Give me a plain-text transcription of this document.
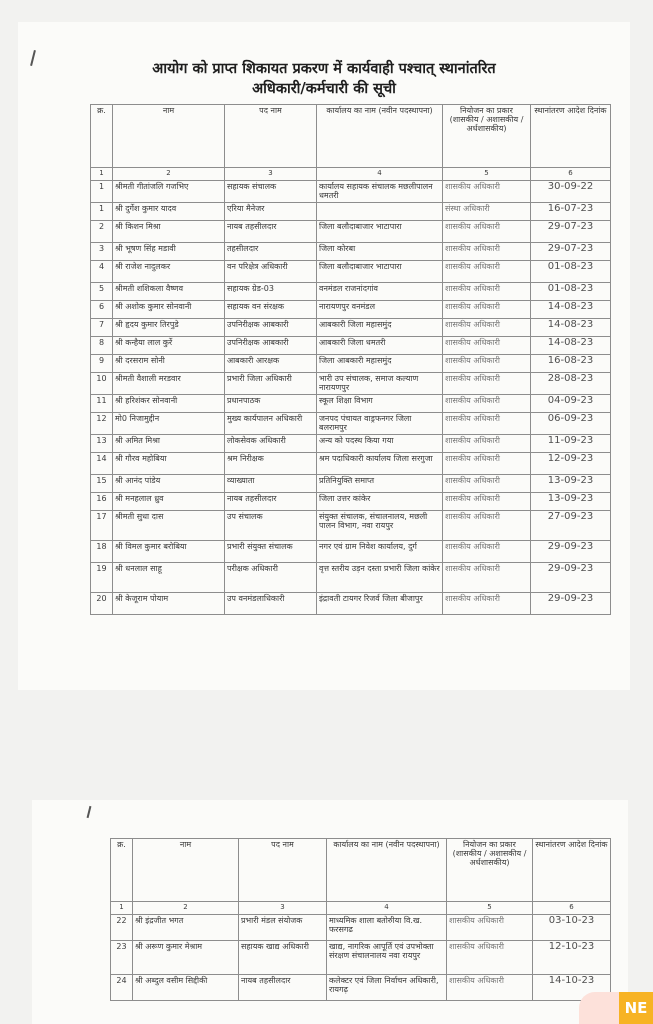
आयोग को प्राप्त शिकायत प्रकरण में कार्यवाही पश्चात् स्थानांतरित
अधिकारी/कर्मचारी की सूची
क्र.	नाम	पद नाम	कार्यालय का नाम (नवीन पदस्थापना)	नियोजन का प्रकार (शासकीय / अशासकीय / अर्धशासकीय)	स्थानांतरण आदेश दिनांक
1	2	3	4	5	6
1	श्रीमती गीतांजलि गजभिए	सहायक संचालक	कार्यालय सहायक संचालक मछलीपालन धमतरी	शासकीय अधिकारी	30-09-22
1	श्री दुर्गेश कुमार यादव	एरिया मैनेजर		संस्था अधिकारी	16-07-23
2	श्री किशन मिश्रा	नायब तहसीलदार	जिला बलौदाबाजार भाटापारा	शासकीय अधिकारी	29-07-23
3	श्री भूषण सिंह मडावी	तहसीलदार	जिला कोरबा	शासकीय अधिकारी	29-07-23
4	श्री राजेश नादुलकर	वन परिक्षेत्र अधिकारी	जिला बलौदाबाजार भाटापारा	शासकीय अधिकारी	01-08-23
5	श्रीमती शशिकला वैष्णव	सहायक ग्रेड-03	वनमंडल राजनांदगांव	शासकीय अधिकारी	01-08-23
6	श्री अशोक कुमार सोनवानी	सहायक वन संरक्षक	नारायणपुर वनमंडल	शासकीय अधिकारी	14-08-23
7	श्री हृदय कुमार तिरपुडे	उपनिरीक्षक आबकारी	आबकारी जिला महासमुंद	शासकीय अधिकारी	14-08-23
8	श्री कन्हैया लाल कुर्रे	उपनिरीक्षक आबकारी	आबकारी जिला धमतरी	शासकीय अधिकारी	14-08-23
9	श्री दरसराम सोनी	आबकारी आरक्षक	जिला आबकारी महासमुंद	शासकीय अधिकारी	16-08-23
10	श्रीमती वैशाली मरडवार	प्रभारी जिला अधिकारी	भारी उप संचालक, समाज कल्याण नारायणपुर	शासकीय अधिकारी	28-08-23
11	श्री हरिशंकर सोनवानी	प्रधानपाठक	स्कूल शिक्षा विभाग	शासकीय अधिकारी	04-09-23
12	मो0 निजामुद्दीन	मुख्य कार्यपालन अधिकारी	जनपद पंचायत वाड्रफनगर जिला बलरामपुर	शासकीय अधिकारी	06-09-23
13	श्री अमित मिश्रा	लोकसेवक अधिकारी	अन्य को पदस्थ किया गया	शासकीय अधिकारी	11-09-23
14	श्री गौरव महोबिया	श्रम निरीक्षक	श्रम पदाधिकारी कार्यालय जिला सरगुजा	शासकीय अधिकारी	12-09-23
15	श्री आनंद पांडेय	व्याख्याता	प्रतिनियुक्ति समाप्त	शासकीय अधिकारी	13-09-23
16	श्री मनहलाल ध्रुव	नायब तहसीलदार	जिला उत्तर कांकेर	शासकीय अधिकारी	13-09-23
17	श्रीमती सुधा दास	उप संचालक	संयुक्त संचालक, संचालनालय, मछली पालन विभाग, नवा रायपुर	शासकीय अधिकारी	27-09-23
18	श्री विमल कुमार बरोबिया	प्रभारी संयुक्त संचालक	नगर एवं ग्राम निवेश कार्यालय, दुर्ग	शासकीय अधिकारी	29-09-23
19	श्री धनलाल साहू	परीक्षक अधिकारी	वृत्त स्तरीय उड़न दस्ता प्रभारी जिला कांकेर	शासकीय अधिकारी	29-09-23
20	श्री केजूराम पोयाम	उप वनमंडलाधिकारी	इंद्रावती टायगर रिजर्व जिला बीजापुर	शासकीय अधिकारी	29-09-23
क्र.	नाम	पद नाम	कार्यालय का नाम (नवीन पदस्थापना)	नियोजन का प्रकार (शासकीय / अशासकीय / अर्धशासकीय)	स्थानांतरण आदेश दिनांक
1	2	3	4	5	6
22	श्री इंद्रजीत भगत	प्रभारी मंडल संयोजक	माध्यमिक शाला बतोरुीया वि.ख. फरसगढ	शासकीय अधिकारी	03-10-23
23	श्री अरूण कुमार मेश्राम	सहायक खाद्य अधिकारी	खाद्य, नागरिक आपूर्ति एवं उपभोक्ता संरक्षण संचालनालय नवा रायपुर	शासकीय अधिकारी	12-10-23
24	श्री अब्दुल वसीम सिद्दीकी	नायब तहसीलदार	कलेक्टर एवं जिला निर्वाचन अधिकारी, रायगढ़	शासकीय अधिकारी	14-10-23
NE
